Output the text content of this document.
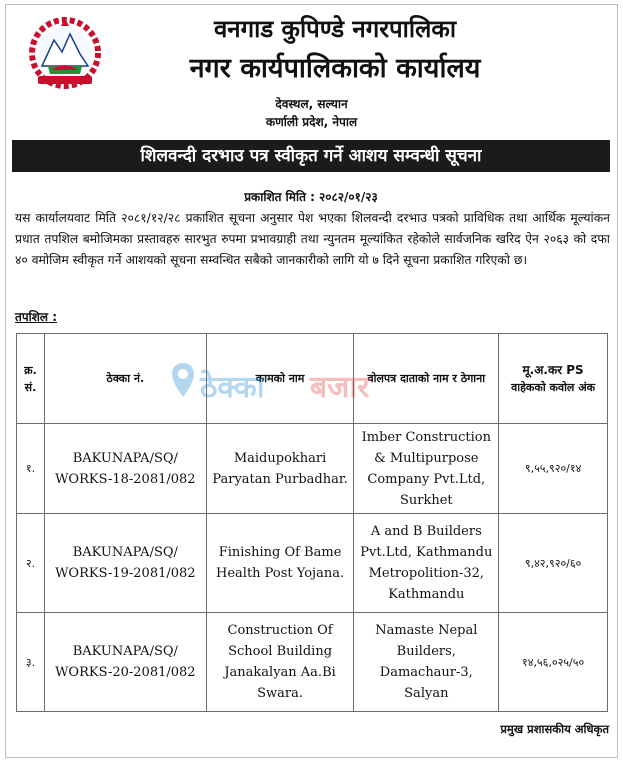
वनगाड कुपिण्डे नगरपालिका
नगर कार्यपालिकाको कार्यालय
देवस्थल, सल्यान
कर्णाली प्रदेश, नेपाल
शिलवन्दी दरभाउ पत्र स्वीकृत गर्ने आशय सम्वन्धी सूचना
प्रकाशित मिति : २०८२/०१/२३
यस कार्यालयवाट मिति २०८१/१२/२८ प्रकाशित सूचना अनुसार पेश भएका शिलवन्दी दरभाउ पत्रको प्राविधिक तथा आर्थिक मूल्यांकन प्रधात तपशिल बमोजिमका प्रस्तावहरु सारभुत रुपमा प्रभावग्राही तथा न्युनतम मूल्यांकित रहेकोले सार्वजनिक खरिद ऐन २०६३ को दफा ४० वमोजिम स्वीकृत गर्ने आशयको सूचना सम्वन्धित सबैको जानकारीको लागि यो ७ दिने सूचना प्रकाशित गरिएको छ।
तपशिल :
क्र. सं.	ठेक्का नं.	कामको नाम	वोलपत्र दाताको नाम र ठेगाना	मू.अ.कर PS
वाहेकको कवोल अंक

१.	BAKUNAPA/SQ/ WORKS-18-2081/082	Maidupokhari Paryatan Purbadhar.	Imber Construction & Multipurpose Company Pvt.Ltd, Surkhet	९,५५,९२०/१४
२.	BAKUNAPA/SQ/ WORKS-19-2081/082	Finishing Of Bame Health Post Yojana.	A and B Builders Pvt.Ltd, Kathmandu Metropolition-32, Kathmandu	९,४२,९२०/६०
३.	BAKUNAPA/SQ/ WORKS-20-2081/082	Construction Of School Building Janakalyan Aa.Bi Swara.	Namaste Nepal Builders, Damachaur-3, Salyan	१४,५६,०२५/५०
ठेक्का बजार
प्रमुख प्रशासकीय अधिकृत
